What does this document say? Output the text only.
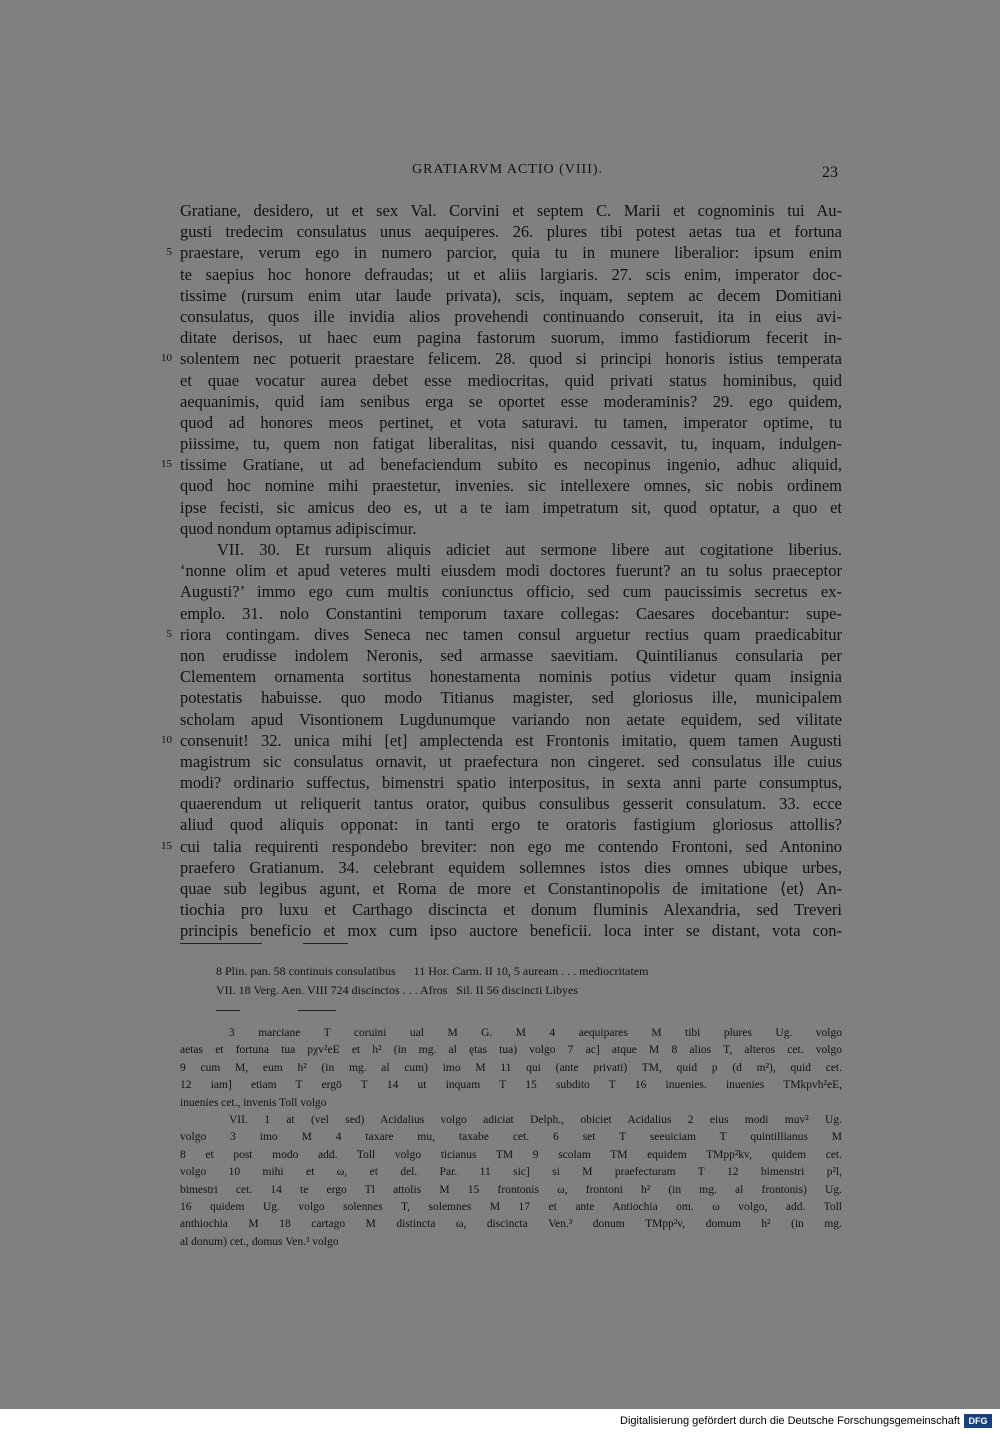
GRATIARVM ACTIO (VIII).	23
Gratiane, desidero, ut et sex Val. Corvini et septem C. Marii et cognominis tui Au-
gusti tredecim consulatus unus aequiperes. 26. plures tibi potest aetas tua et fortuna
praestare, verum ego in numero parcior, quia tu in munere liberalior: ipsum enim
5
te saepius hoc honore defraudas; ut et aliis largiaris. 27. scis enim, imperator doc-
tissime (rursum enim utar laude privata), scis, inquam, septem ac decem Domitiani
consulatus, quos ille invidia alios provehendi continuando conseruit, ita in eius avi-
ditate derisos, ut haec eum pagina fastorum suorum, immo fastidiorum fecerit in-
solentem nec potuerit praestare felicem. 28. quod si principi honoris istius temperata
10
et quae vocatur aurea debet esse mediocritas, quid privati status hominibus, quid
aequanimis, quid iam senibus erga se oportet esse moderaminis? 29. ego quidem,
quod ad honores meos pertinet, et vota saturavi. tu tamen, imperator optime, tu
piissime, tu, quem non fatigat liberalitas, nisi quando cessavit, tu, inquam, indulgen-
tissime Gratiane, ut ad benefaciendum subito es necopinus ingenio, adhuc aliquid,
15
quod hoc nomine mihi praestetur, invenies. sic intellexere omnes, sic nobis ordinem
ipse fecisti, sic amicus deo es, ut a te iam impetratum sit, quod optatur, a quo et
quod nondum optamus adipiscimur.
VII. 30. Et rursum aliquis adiciet aut sermone libere aut cogitatione liberius.
‘nonne olim et apud veteres multi eiusdem modi doctores fuerunt? an tu solus praeceptor
Augusti?’ immo ego cum multis coniunctus officio, sed cum paucissimis secretus ex-
emplo. 31. nolo Constantini temporum taxare collegas: Caesares docebantur: supe-
riora contingam. dives Seneca nec tamen consul arguetur rectius quam praedicabitur
5
non erudisse indolem Neronis, sed armasse saevitiam. Quintilianus consularia per
Clementem ornamenta sortitus honestamenta nominis potius videtur quam insignia
potestatis habuisse. quo modo Titianus magister, sed gloriosus ille, municipalem
scholam apud Visontionem Lugdunumque variando non aetate equidem, sed vilitate
consenuit! 32. unica mihi [et] amplectenda est Frontonis imitatio, quem tamen Augusti
10
magistrum sic consulatus ornavit, ut praefectura non cingeret. sed consulatus ille cuius
modi? ordinario suffectus, bimenstri spatio interpositus, in sexta anni parte consumptus,
quaerendum ut reliquerit tantus orator, quibus consulibus gesserit consulatum. 33. ecce
aliud quod aliquis opponat: in tanti ergo te oratoris fastigium gloriosus attollis?
cui talia requirenti respondebo breviter: non ego me contendo Frontoni, sed Antonino
15
praefero Gratianum. 34. celebrant equidem sollemnes istos dies omnes ubique urbes,
quae sub legibus agunt, et Roma de more et Constantinopolis de imitatione ⟨et⟩ An-
tiochia pro luxu et Carthago discincta et donum fluminis Alexandria, sed Treveri
principis beneficio et mox cum ipso auctore beneficii. loca inter se distant, vota con-
8 Plin. pan. 58 continuis consulatibus      11 Hor. Carm. II 10, 5 auream . . . mediocritatem
VII. 18 Verg. Aen. VIII 724 discinctos . . . Afros   Sil. II 56 discincti Libyes
3 marciane T coruini ual M G. M 4 aequipares M tibi plures Ug. volgo
aetas et fortuna tua pχv²eE et h² (in mg. al ętas tua) volgo 7 ac] atque M 8 alios T, alteros cet. volgo
9 cum M, eum h² (in mg. al cum) imo M 11 qui (ante privati) TM, quid p (d m²), quid cet.
12 iam] etiam T ergō T 14 ut inquam T 15 subdito T 16 inuenies. inuenies TMkpvh²eE,
inuenies cet., invenis Toll volgo
VII. 1 at (vel sed) Acidalius volgo adiciat Delph., obiciet Acidalius 2 eius modi muv² Ug.
volgo 3 imo M 4 taxare mu, taxabe cet. 6 set T seeuiciam T quintillianus M
8 et post modo add. Toll volgo ticianus TM 9 scolam TM equidem TMpp²kv, quidem cet.
volgo 10 mihi et ω, et del. Par. 11 sic] si M praefecturam T 12 bimenstri p²l,
bimestri cet. 14 te ergo Tl attolis M 15 frontonis ω, frontoni h² (in mg. al frontonis) Ug.
16 quidem Ug. volgo solennes T, solemnes M 17 et ante Antiochia om. ω volgo, add. Toll
anthiochia M 18 cartago M distincta ω, discincta Ven.³ donum TMpp²v, domum h² (in mg.
al donum) cet., domus Ven.³ volgo
Digitalisierung gefördert durch die Deutsche Forschungsgemeinschaft DFG
